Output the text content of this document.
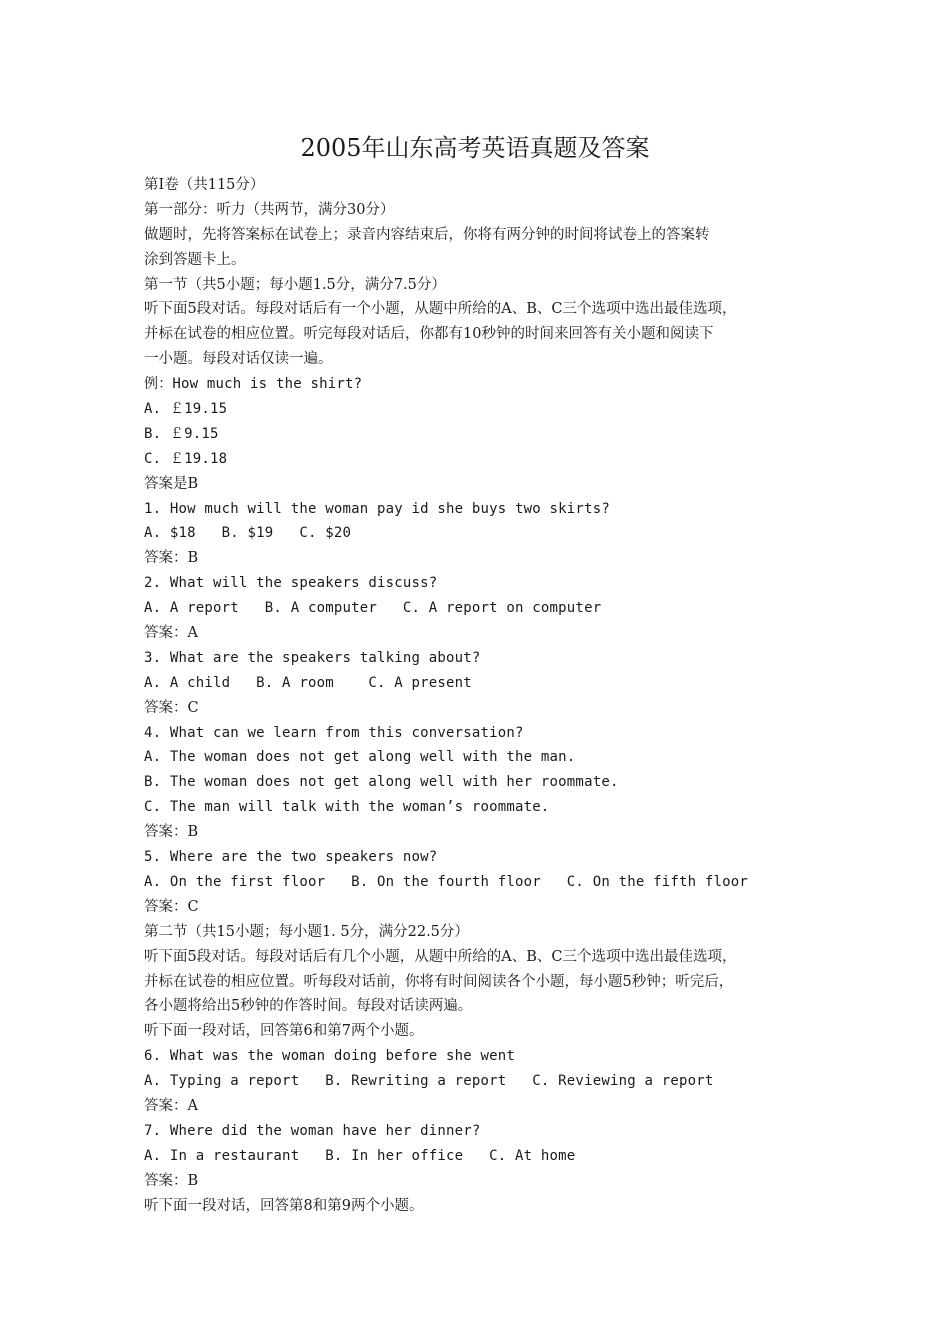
2005年山东高考英语真题及答案
第I卷（共115分）
第一部分：听力（共两节，满分30分）
做题时，先将答案标在试卷上；录音内容结束后，你将有两分钟的时间将试卷上的答案转
涂到答题卡上。
第一节（共5小题；每小题1.5分，满分7.5分）
听下面5段对话。每段对话后有一个小题，从题中所给的A、B、C三个选项中选出最佳选项，
并标在试卷的相应位置。听完每段对话后，你都有10秒钟的时间来回答有关小题和阅读下
一小题。每段对话仅读一遍。
例：How much is the shirt?
A. ￡19.15
B. ￡9.15
C. ￡19.18
答案是B
1. How much will the woman pay id she buys two skirts?
A. $18   B. $19   C. $20
答案：B
2. What will the speakers discuss?
A. A report   B. A computer   C. A report on computer
答案：A
3. What are the speakers talking about?
A. A child   B. A room    C. A present
答案：C
4. What can we learn from this conversation?
A. The woman does not get along well with the man.
B. The woman does not get along well with her roommate.
C. The man will talk with the woman’s roommate.
答案：B
5. Where are the two speakers now?
A. On the first floor   B. On the fourth floor   C. On the fifth floor
答案：C
第二节（共15小题；每小题1. 5分，满分22.5分）
听下面5段对话。每段对话后有几个小题，从题中所给的A、B、C三个选项中选出最佳选项，
并标在试卷的相应位置。听每段对话前，你将有时间阅读各个小题，每小题5秒钟；听完后，
各小题将给出5秒钟的作答时间。每段对话读两遍。
听下面一段对话，回答第6和第7两个小题。
6. What was the woman doing before she went
A. Typing a report   B. Rewriting a report   C. Reviewing a report
答案：A
7. Where did the woman have her dinner?
A. In a restaurant   B. In her office   C. At home
答案：B
听下面一段对话，回答第8和第9两个小题。
